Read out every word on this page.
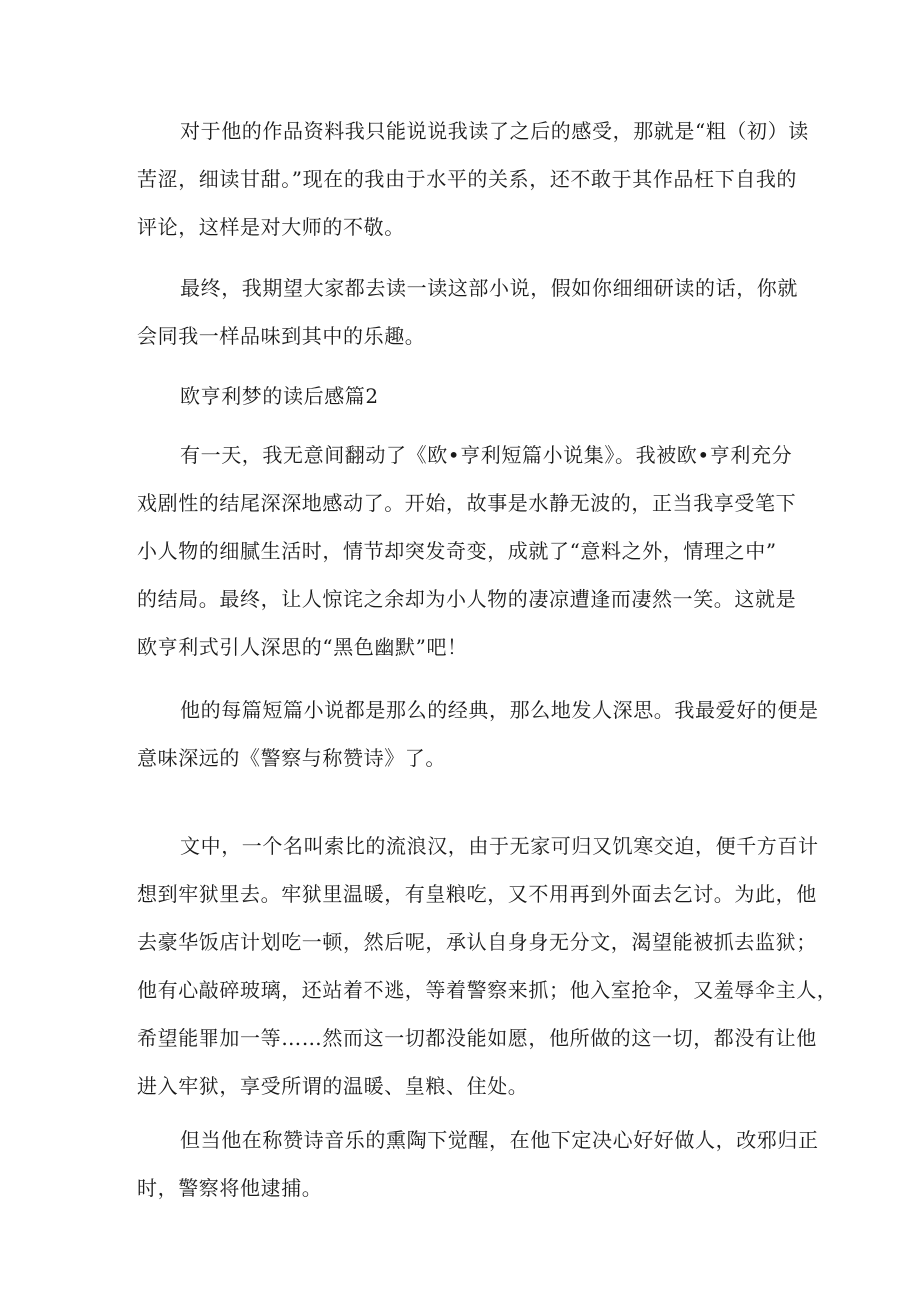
对于他的作品资料我只能说说我读了之后的感受，那就是“粗（初）读
苦涩，细读甘甜。”现在的我由于水平的关系，还不敢于其作品枉下自我的
评论，这样是对大师的不敬。
最终，我期望大家都去读一读这部小说，假如你细细研读的话，你就
会同我一样品味到其中的乐趣。
欧亨利梦的读后感篇2
有一天，我无意间翻动了《欧•亨利短篇小说集》。我被欧•亨利充分
戏剧性的结尾深深地感动了。开始，故事是水静无波的，正当我享受笔下
小人物的细腻生活时，情节却突发奇变，成就了“意料之外，情理之中”
的结局。最终，让人惊诧之余却为小人物的凄凉遭逢而凄然一笑。这就是
欧亨利式引人深思的“黑色幽默”吧！
他的每篇短篇小说都是那么的经典，那么地发人深思。我最爱好的便是
意味深远的《警察与称赞诗》了。
文中，一个名叫索比的流浪汉，由于无家可归又饥寒交迫，便千方百计
想到牢狱里去。牢狱里温暖，有皇粮吃，又不用再到外面去乞讨。为此，他
去豪华饭店计划吃一顿，然后呢，承认自身身无分文，渴望能被抓去监狱；
他有心敲碎玻璃，还站着不逃，等着警察来抓；他入室抢伞，又羞辱伞主人，
希望能罪加一等……然而这一切都没能如愿，他所做的这一切，都没有让他
进入牢狱，享受所谓的温暖、皇粮、住处。
但当他在称赞诗音乐的熏陶下觉醒，在他下定决心好好做人，改邪归正
时，警察将他逮捕。
